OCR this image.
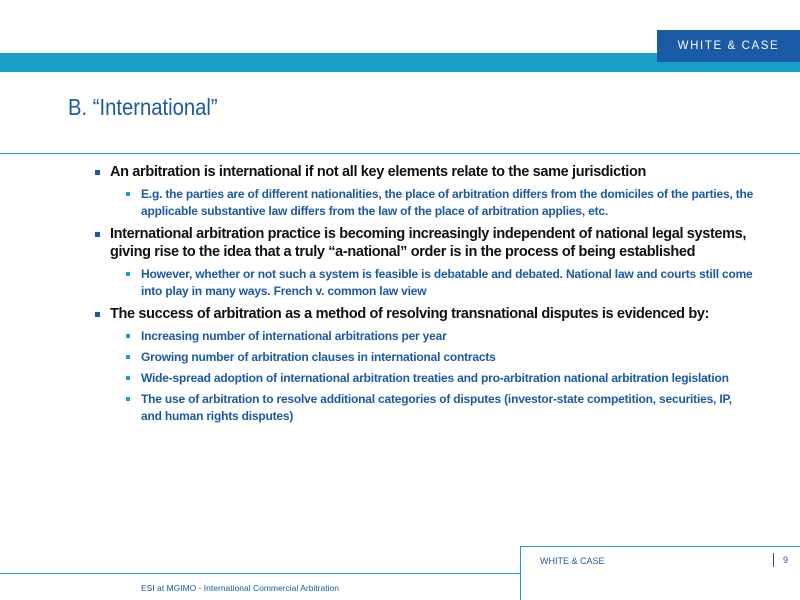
WHITE & CASE
B. “International”
An arbitration is international if not all key elements relate to the same jurisdiction
E.g. the parties are of different nationalities, the place of arbitration differs from the domiciles of the parties, the applicable substantive law differs from the law of the place of arbitration applies, etc.
International arbitration practice is becoming increasingly independent of national legal systems, giving rise to the idea that a truly “a-national” order is in the process of being established
However, whether or not such a system is feasible is debatable and debated. National law and courts still come into play in many ways. French v. common law view
The success of arbitration as a method of resolving transnational disputes is evidenced by:
Increasing number of international arbitrations per year
Growing number of arbitration clauses in international contracts
Wide-spread adoption of international arbitration treaties and pro-arbitration national arbitration legislation
The use of arbitration to resolve additional categories of disputes (investor-state competition, securities, IP, and human rights disputes)
WHITE & CASE	9
ESI at MGIMO - International Commercial Arbitration
